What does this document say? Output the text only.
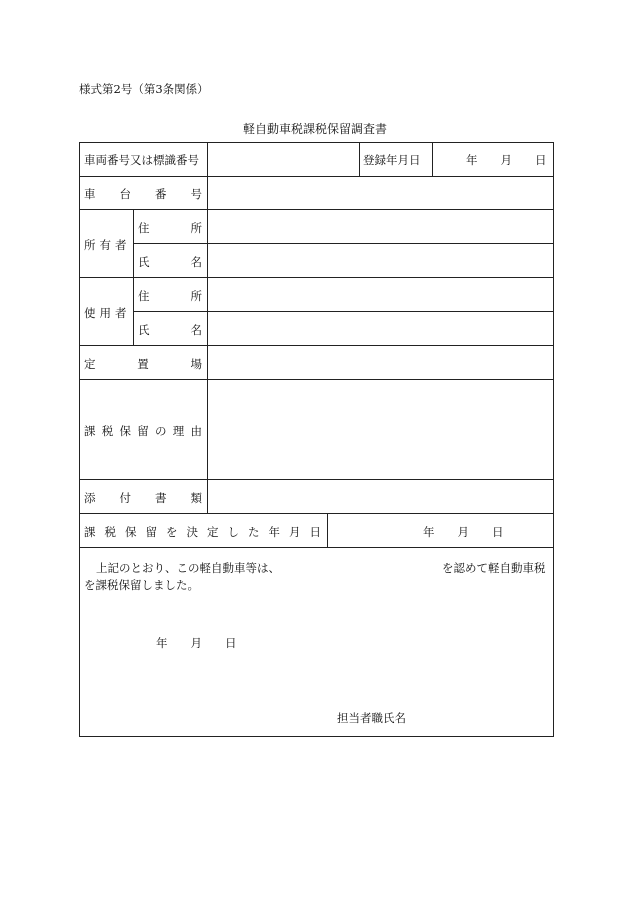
様式第2号（第3条関係）
軽自動車税課税保留調査書
車両番号又は標識番号	登録年月日	年　　月　　日
車 台 番 号
所有者
住	所
氏	名
使用者
住	所
氏	名
定	置	場
課 税 保 留 の 理 由
添 付 書 類
課 税 保 留 を 決 定 し た 年 月 日	年　　月　　日
上記のとおり、この軽自動車等は、	を認めて軽自動車税
を課税保留しました。
年　　月　　日
担当者職氏名
